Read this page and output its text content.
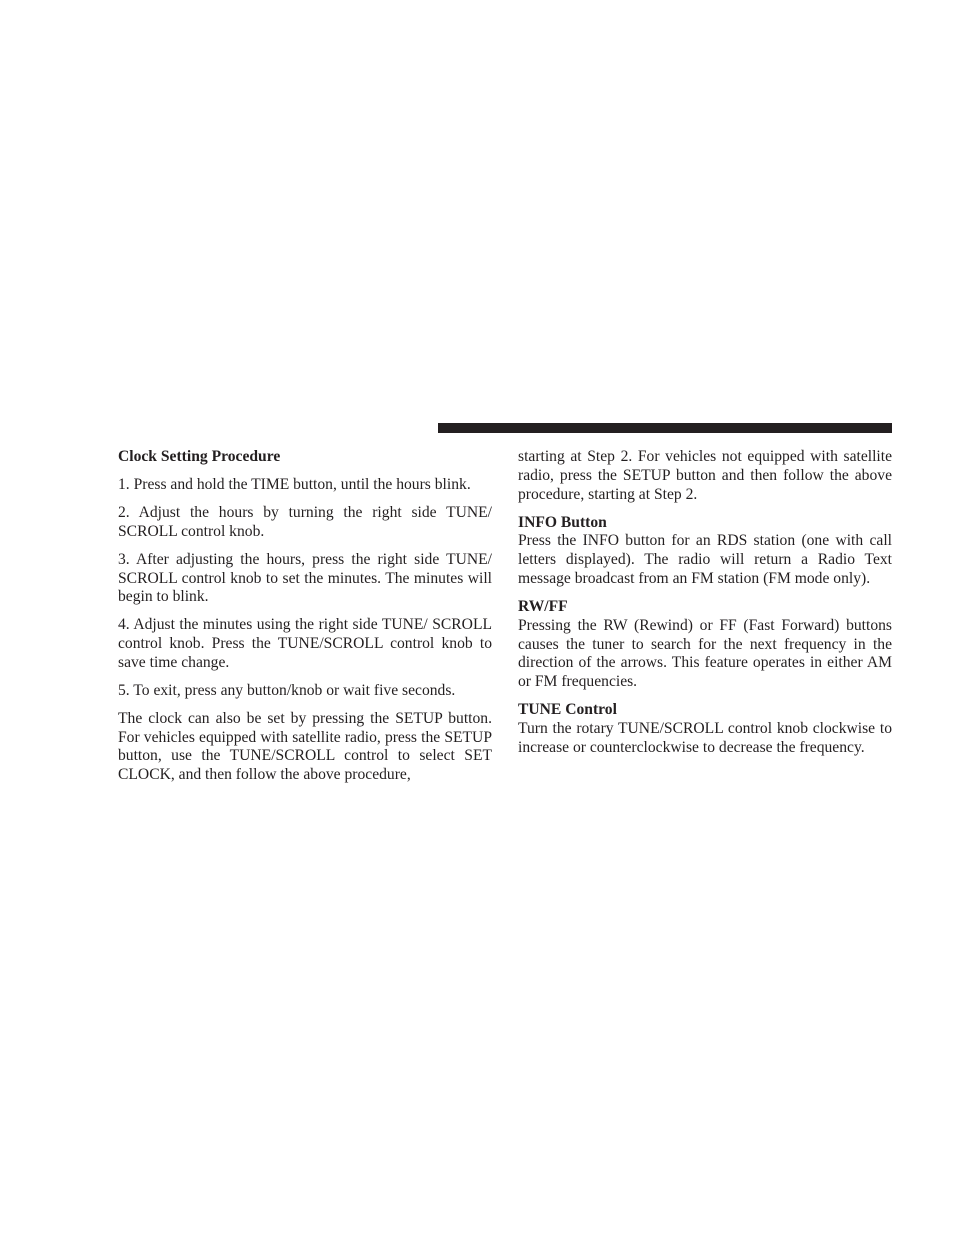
Clock Setting Procedure

1. Press and hold the TIME button, until the hours blink.

2. Adjust the hours by turning the right side TUNE/ SCROLL control knob.

3. After adjusting the hours, press the right side TUNE/ SCROLL control knob to set the minutes. The minutes will begin to blink.

4. Adjust the minutes using the right side TUNE/ SCROLL control knob. Press the TUNE/SCROLL control knob to save time change.

5. To exit, press any button/knob or wait five seconds.

The clock can also be set by pressing the SETUP button. For vehicles equipped with satellite radio, press the SETUP button, use the TUNE/SCROLL control to select SET CLOCK, and then follow the above procedure,

starting at Step 2. For vehicles not equipped with satellite radio, press the SETUP button and then follow the above procedure, starting at Step 2.

INFO Button

Press the INFO button for an RDS station (one with call letters displayed). The radio will return a Radio Text message broadcast from an FM station (FM mode only).

RW/FF

Pressing the RW (Rewind) or FF (Fast Forward) buttons causes the tuner to search for the next frequency in the direction of the arrows. This feature operates in either AM or FM frequencies.

TUNE Control

Turn the rotary TUNE/SCROLL control knob clockwise to increase or counterclockwise to decrease the frequency.
